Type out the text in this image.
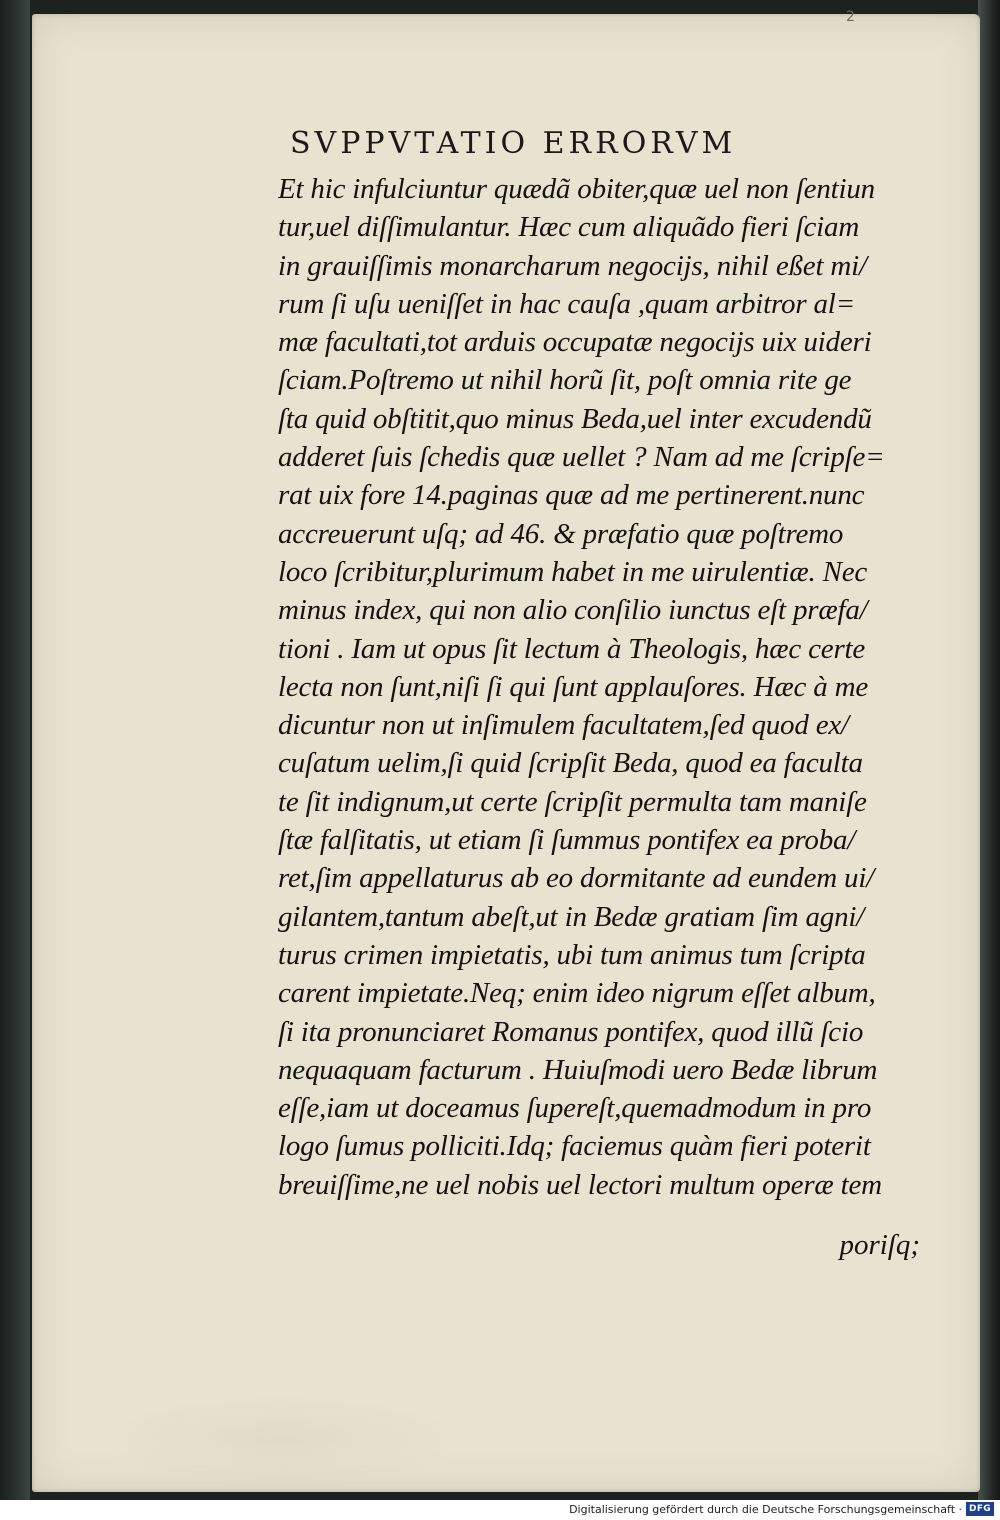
2
SVPPVTATIO ERRORVM
Et hic infulciuntur quædã obiter,quæ uel non ſentiun
tur,uel diſſimulantur. Hæc cum aliquãdo fieri ſciam
in grauiſſimis monarcharum negocijs, nihil eßet mi/
rum ſi uſu ueniſſet in hac cauſa ,quam arbitror al=
mæ facultati,tot arduis occupatæ negocijs uix uideri
ſciam.Poſtremo ut nihil horũ ſit, poſt omnia rite ge
ſta quid obſtitit,quo minus Beda,uel inter excudendũ
adderet ſuis ſchedis quæ uellet ? Nam ad me ſcripſe=
rat uix fore 14.paginas quæ ad me pertinerent.nunc
accreuerunt uſq; ad 46. & præfatio quæ poſtremo
loco ſcribitur,plurimum habet in me uirulentiæ. Nec
minus index, qui non alio conſilio iunctus eſt præfa/
tioni . Iam ut opus ſit lectum à Theologis, hæc certe
lecta non ſunt,niſi ſi qui ſunt applauſores. Hæc à me
dicuntur non ut inſimulem facultatem,ſed quod ex/
cuſatum uelim,ſi quid ſcripſit Beda, quod ea faculta
te ſit indignum,ut certe ſcripſit permulta tam maniſe
ſtæ falſitatis, ut etiam ſi ſummus pontifex ea proba/
ret,ſim appellaturus ab eo dormitante ad eundem ui/
gilantem,tantum abeſt,ut in Bedæ gratiam ſim agni/
turus crimen impietatis, ubi tum animus tum ſcripta
carent impietate.Neq; enim ideo nigrum eſſet album,
ſi ita pronunciaret Romanus pontifex, quod illũ ſcio
nequaquam facturum . Huiuſmodi uero Bedæ librum
eſſe,iam ut doceamus ſupereſt,quemadmodum in pro
logo ſumus polliciti.Idq; faciemus quàm fieri poterit
breuiſſime,ne uel nobis uel lectori multum operæ tem
poriſq;
Digitalisierung gefördert durch die Deutsche Forschungsgemeinschaft · DFG
